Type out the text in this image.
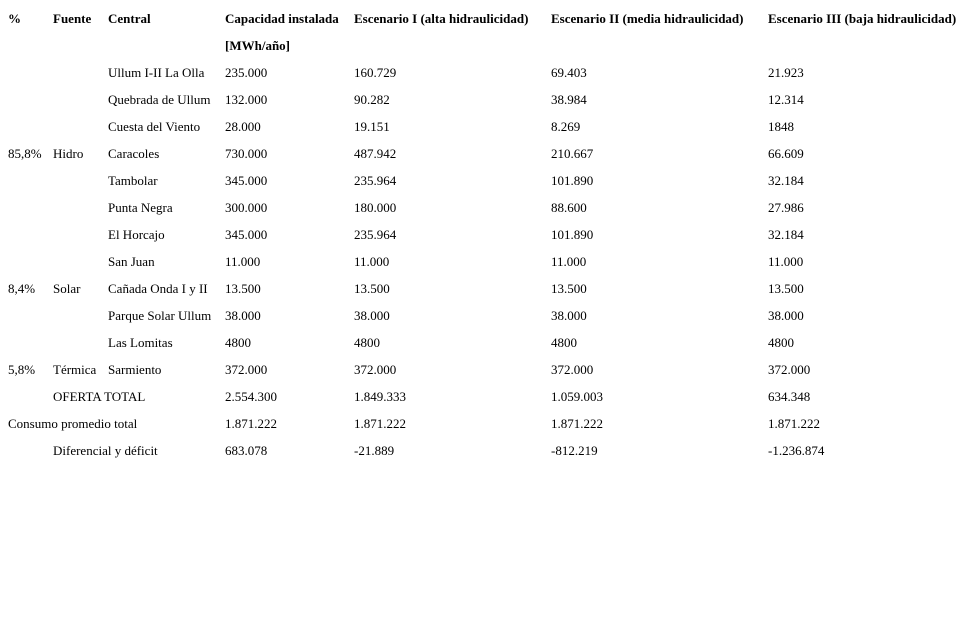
%	Fuente	Central	Capacidad instalada	Escenario I (alta hidraulicidad)	Escenario II (media hidraulicidad)	Escenario III (baja hidraulicidad)
			[MWh/año]			
		Ullum I-II La Olla	235.000	160.729	69.403	21.923
		Quebrada de Ullum	132.000	90.282	38.984	12.314
		Cuesta del Viento	28.000	19.151	8.269	1848
85,8%	Hidro	Caracoles	730.000	487.942	210.667	66.609
		Tambolar	345.000	235.964	101.890	32.184
		Punta Negra	300.000	180.000	88.600	27.986
		El Horcajo	345.000	235.964	101.890	32.184
		San Juan	11.000	11.000	11.000	11.000
8,4%	Solar	Cañada Onda I y II	13.500	13.500	13.500	13.500
		Parque Solar Ullum	38.000	38.000	38.000	38.000
		Las Lomitas	4800	4800	4800	4800
5,8%	Térmica	Sarmiento	372.000	372.000	372.000	372.000
	OFERTA TOTAL		2.554.300	1.849.333	1.059.003	634.348
Consumo promedio total			1.871.222	1.871.222	1.871.222	1.871.222
	Diferencial y déficit		683.078	-21.889	-812.219	-1.236.874
